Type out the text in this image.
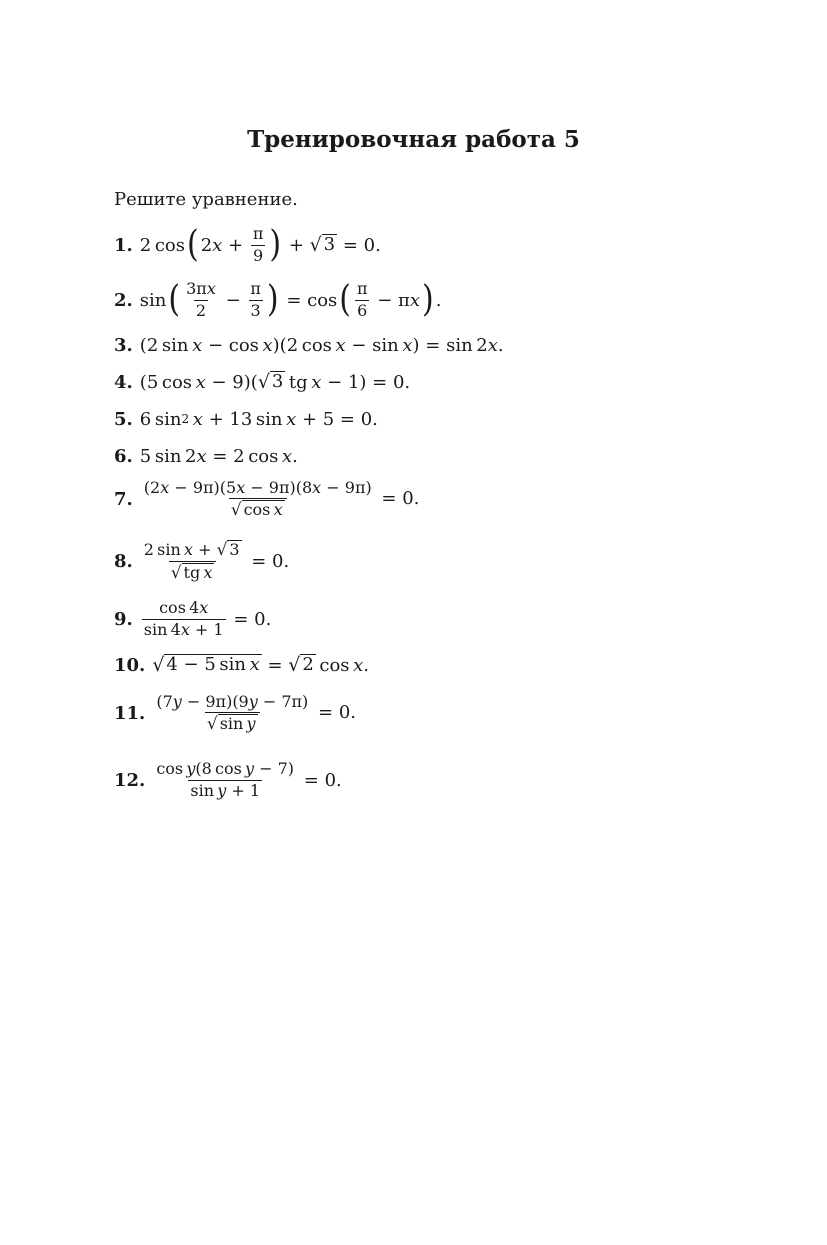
Тренировочная работа 5
Решите уравнение.
1. 2 cos ( 2 $x + \frac{\pi}{9}$ ) + √ 3 = 0.
2. sin ( $\frac{3\pi x}{2} - \frac{\pi}{3}$ ) = cos ( $\frac{\pi}{6} - \pi$ x ) .
3. (2 sin  x − cos  x )(2 cos  x − sin  x ) = sin 2 x .
4. (5 cos  x − 9)( √ 3  tg  x − 1) = 0.
5. 6 sin 2
  x + 13 sin  x + 5 = 0.
6. 5 sin 2 x = 2 cos  x .
7. $\frac{(2x - 9\pi)(5x - 9\pi)(8x - 9\pi)}{\text{√ cos x}} = 0$.
8. $\frac{\text{2 sin x + √ 3}}{\text{√ tg x}} = 0$.
9. $\frac{\cos 4x}{\sin 4x + 1} = 0$.
10. √ 4 − 5 sin x = √ 2  cos  x .
11. $\frac{(7y - 9\pi)(9y - 7\pi)}{\text{√ sin y}} = 0$.
12. $\frac{\text{cos y(8 cos y − 7)}}{\text{sin y + 1}} = 0$.
